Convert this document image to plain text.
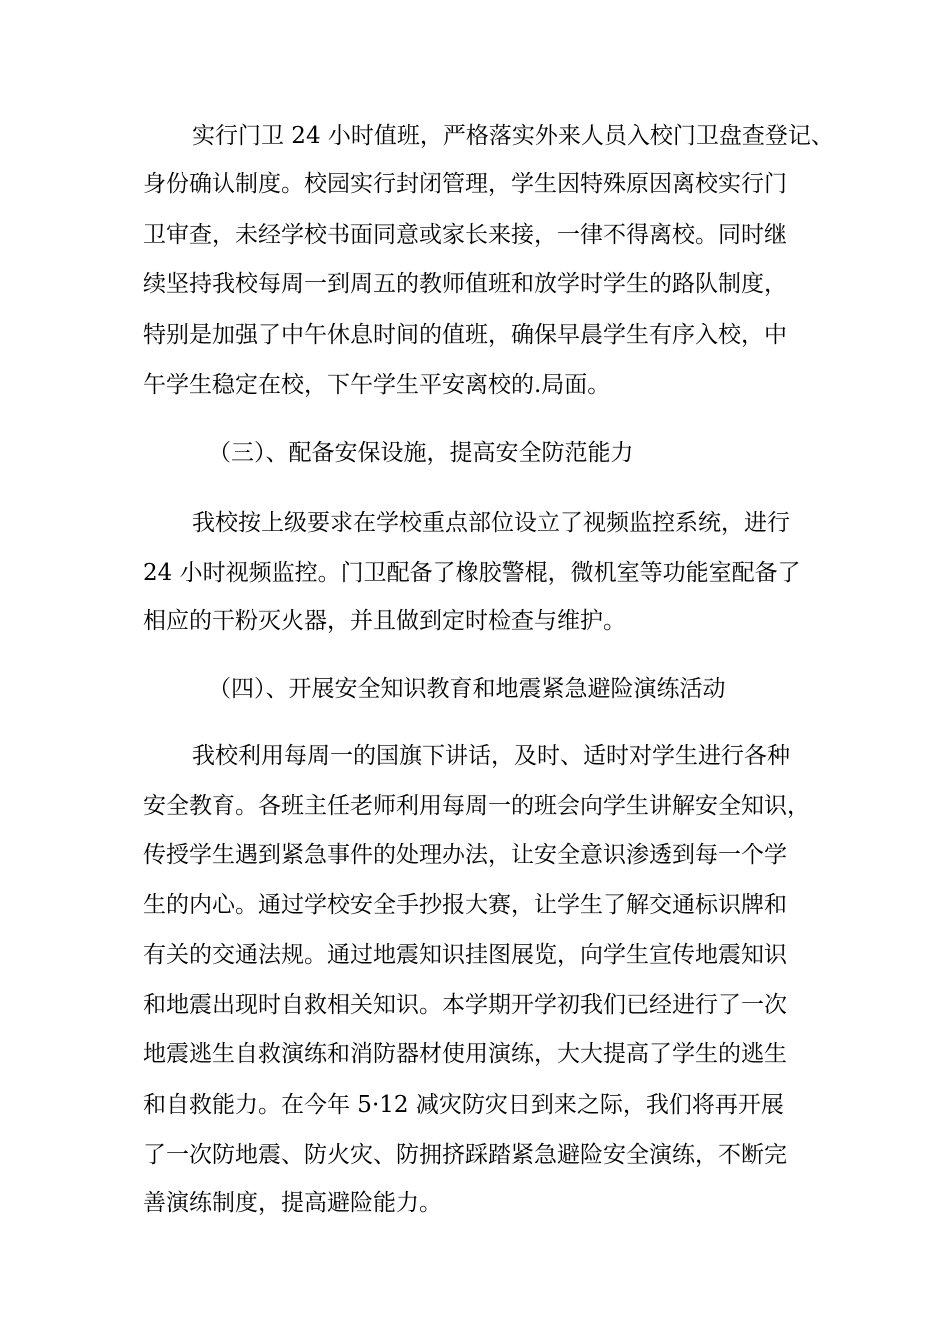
实行门卫 24 小时值班，严格落实外来人员入校门卫盘查登记、
身份确认制度。校园实行封闭管理，学生因特殊原因离校实行门
卫审查，未经学校书面同意或家长来接，一律不得离校。同时继
续坚持我校每周一到周五的教师值班和放学时学生的路队制度，
特别是加强了中午休息时间的值班，确保早晨学生有序入校，中
午学生稳定在校，下午学生平安离校的.局面。
（三）、配备安保设施，提高安全防范能力
我校按上级要求在学校重点部位设立了视频监控系统，进行
24 小时视频监控。门卫配备了橡胶警棍，微机室等功能室配备了
相应的干粉灭火器，并且做到定时检查与维护。
（四）、开展安全知识教育和地震紧急避险演练活动
我校利用每周一的国旗下讲话，及时、适时对学生进行各种
安全教育。各班主任老师利用每周一的班会向学生讲解安全知识，
传授学生遇到紧急事件的处理办法，让安全意识渗透到每一个学
生的内心。通过学校安全手抄报大赛，让学生了解交通标识牌和
有关的交通法规。通过地震知识挂图展览，向学生宣传地震知识
和地震出现时自救相关知识。本学期开学初我们已经进行了一次
地震逃生自救演练和消防器材使用演练，大大提高了学生的逃生
和自救能力。在今年 5·12 减灾防灾日到来之际，我们将再开展
了一次防地震、防火灾、防拥挤踩踏紧急避险安全演练，不断完
善演练制度，提高避险能力。
